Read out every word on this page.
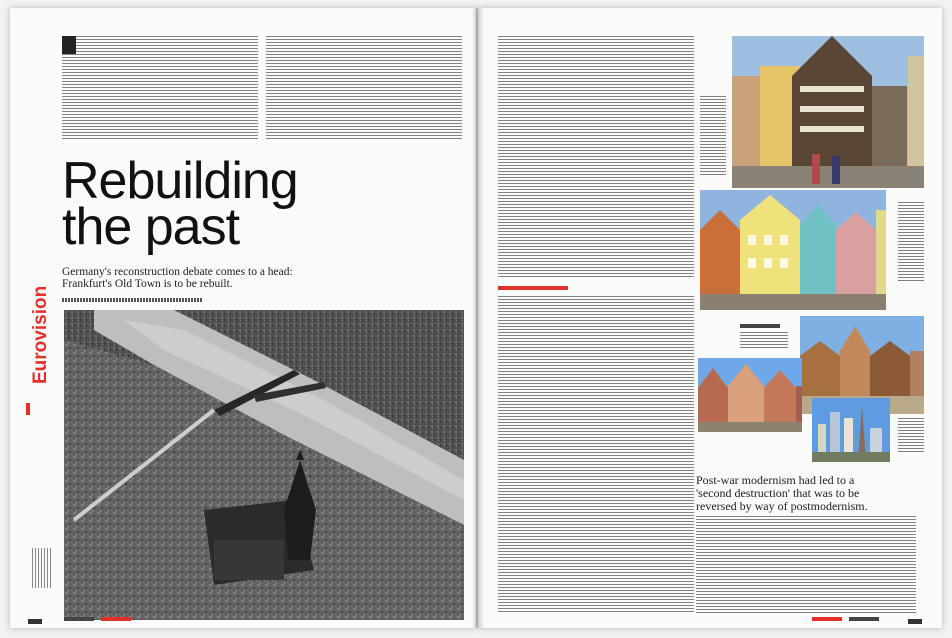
Rebuilding
the past
Germany's reconstruction debate comes to a head:
Frankfurt's Old Town is to be rebuilt.
Eurovision

Post-war modernism had led to a
'second destruction' that was to be
reversed by way of postmodernism.
